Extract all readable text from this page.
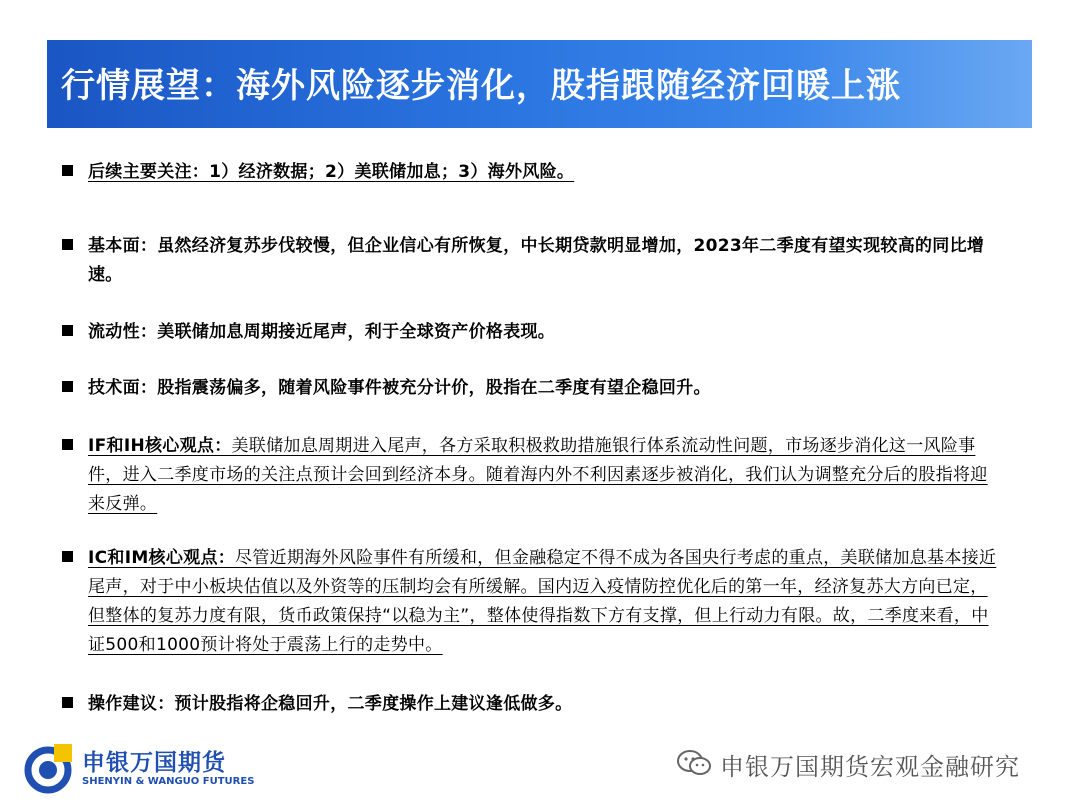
行情展望：海外风险逐步消化，股指跟随经济回暖上涨
后续主要关注：1）经济数据；2）美联储加息；3）海外风险。
基本面：虽然经济复苏步伐较慢，但企业信心有所恢复，中长期贷款明显增加，2023年二季度有望实现较高的同比增速。
流动性：美联储加息周期接近尾声，利于全球资产价格表现。
技术面：股指震荡偏多，随着风险事件被充分计价，股指在二季度有望企稳回升。
IF和IH核心观点：美联储加息周期进入尾声，各方采取积极救助措施银行体系流动性问题，市场逐步消化这一风险事件，进入二季度市场的关注点预计会回到经济本身。随着海内外不利因素逐步被消化，我们认为调整充分后的股指将迎来反弹。
IC和IM核心观点：尽管近期海外风险事件有所缓和，但金融稳定不得不成为各国央行考虑的重点，美联储加息基本接近尾声，对于中小板块估值以及外资等的压制均会有所缓解。国内迈入疫情防控优化后的第一年，经济复苏大方向已定，但整体的复苏力度有限，货币政策保持“以稳为主”，整体使得指数下方有支撑，但上行动力有限。故，二季度来看，中证500和1000预计将处于震荡上行的走势中。
操作建议：预计股指将企稳回升，二季度操作上建议逢低做多。
申银万国期货
SHENYIN & WANGUO FUTURES
申银万国期货宏观金融研究
